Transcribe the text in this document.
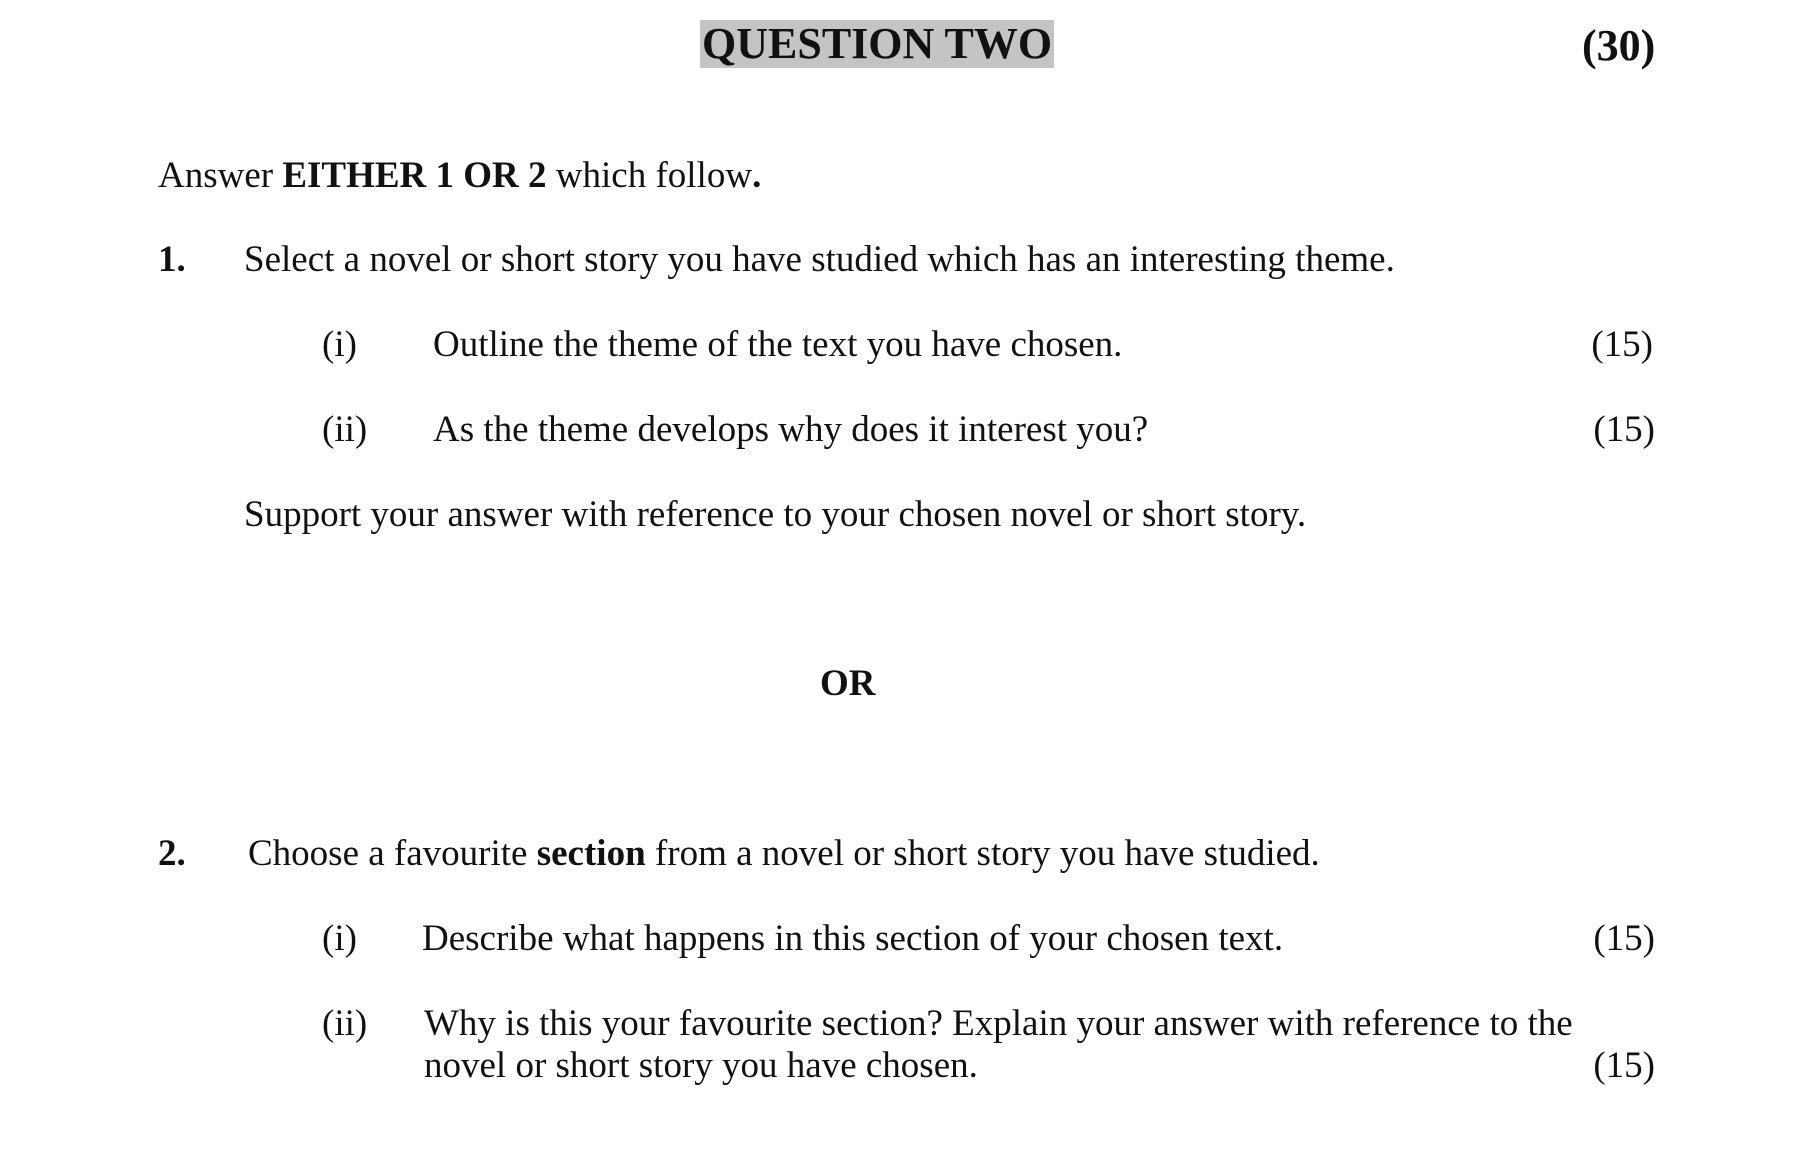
QUESTION TWO	(30)
Answer EITHER 1 OR 2 which follow.
1. Select a novel or short story you have studied which has an interesting theme.
(i) Outline the theme of the text you have chosen.	(15)
(ii) As the theme develops why does it interest you?	(15)
Support your answer with reference to your chosen novel or short story.
OR
2. Choose a favourite section from a novel or short story you have studied.
(i) Describe what happens in this section of your chosen text.	(15)
(ii) Why is this your favourite section? Explain your answer with reference to the
novel or short story you have chosen.	(15)
